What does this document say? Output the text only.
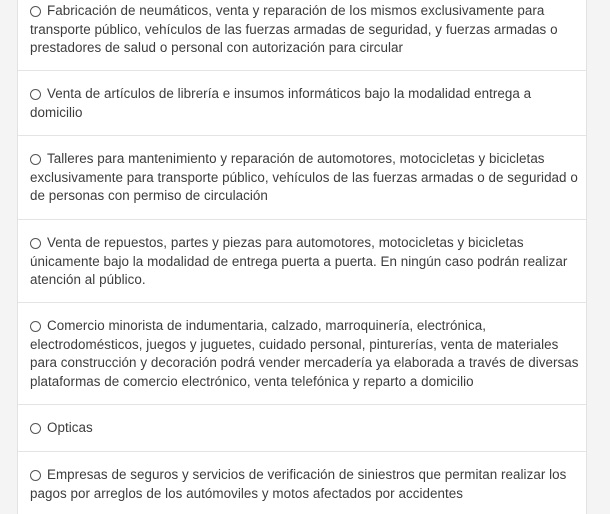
Fabricación de neumáticos, venta y reparación de los mismos exclusivamente para transporte público, vehículos de las fuerzas armadas de seguridad, y fuerzas armadas o prestadores de salud o personal con autorización para circular
Venta de artículos de librería e insumos informáticos bajo la modalidad entrega a domicilio
Talleres para mantenimiento y reparación de automotores, motocicletas y bicicletas exclusivamente para transporte público, vehículos de las fuerzas armadas o de seguridad o de personas con permiso de circulación
Venta de repuestos, partes y piezas para automotores, motocicletas y bicicletas únicamente bajo la modalidad de entrega puerta a puerta. En ningún caso podrán realizar atención al público.
Comercio minorista de indumentaria, calzado, marroquinería, electrónica, electrodomésticos, juegos y juguetes, cuidado personal, pinturerías, venta de materiales para construcción y decoración podrá vender mercadería ya elaborada a través de diversas plataformas de comercio electrónico, venta telefónica y reparto a domicilio
Opticas
Empresas de seguros y servicios de verificación de siniestros que permitan realizar los pagos por arreglos de los autómoviles y motos afectados por accidentes
